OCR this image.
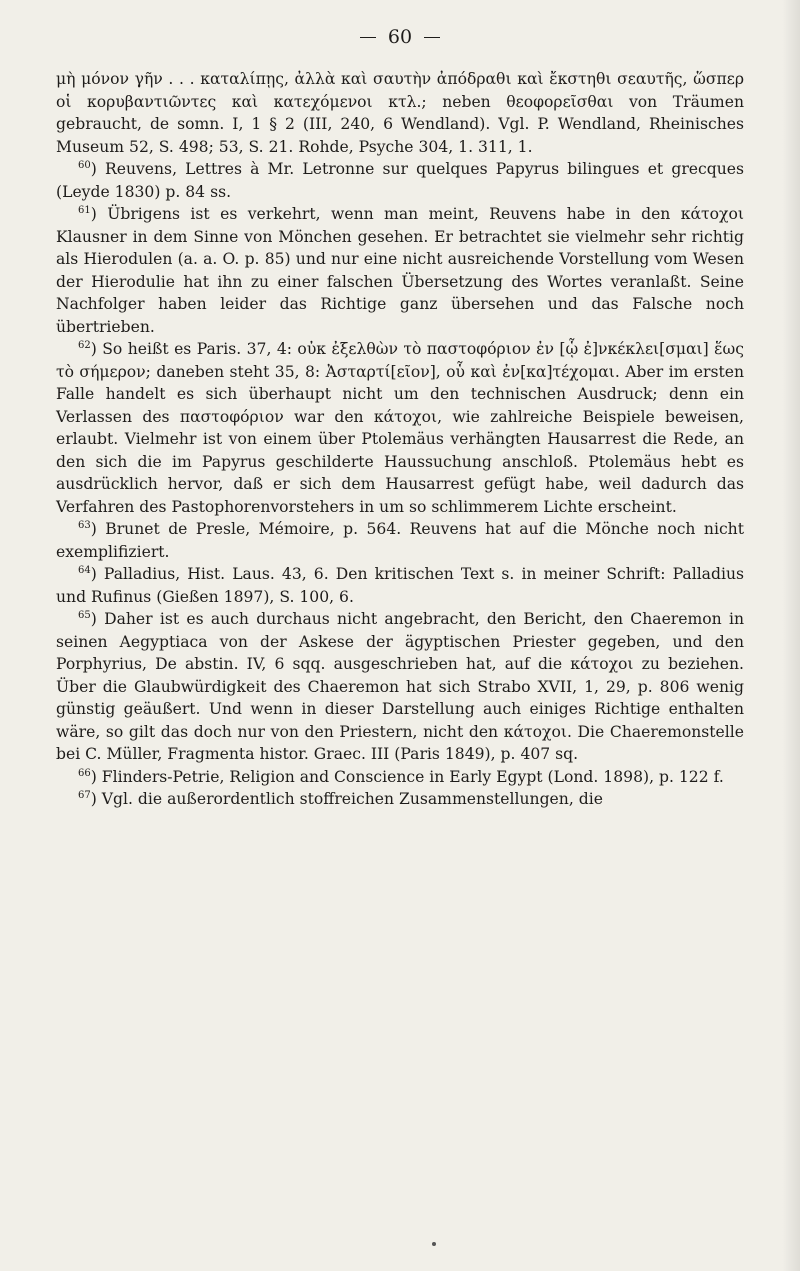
60

μὴ μόνον γῆν . . . καταλίπῃς, ἀλλὰ καὶ σαυτὴν ἀπόδραθι καὶ ἔκστηθι σεαυτῆς, ὥσπερ οἱ κορυβαντιῶντες καὶ κατεχόμενοι κτλ.; neben θεοφορεῖσθαι von Träumen gebraucht, de somn. I, 1 § 2 (III, 240, 6 Wendland). Vgl. P. Wendland, Rheinisches Museum 52, S. 498; 53, S. 21. Rohde, Psyche 304, 1. 311, 1.

$^{60}$) Reuvens, Lettres à Mr. Letronne sur quelques Papyrus bilingues et grecques (Leyde 1830) p. 84 ss.

$^{61}$) Übrigens ist es verkehrt, wenn man meint, Reuvens habe in den κάτοχοι Klausner in dem Sinne von Mönchen gesehen. Er betrachtet sie vielmehr sehr richtig als Hierodulen (a. a. O. p. 85) und nur eine nicht ausreichende Vorstellung vom Wesen der Hierodulie hat ihn zu einer falschen Übersetzung des Wortes veranlaßt. Seine Nachfolger haben leider das Richtige ganz übersehen und das Falsche noch übertrieben.

$^{62}$) So heißt es Paris. 37, 4: οὐκ ἐξελθὼν τὸ παστοφόριον ἐν [ᾧ ἐ]νκέκλει[σμαι] ἕως τὸ σήμερον; daneben steht 35, 8: Ἀσταρτί[εῖον], οὗ καὶ ἐν[κα]τέχομαι. Aber im ersten Falle handelt es sich überhaupt nicht um den technischen Ausdruck; denn ein Verlassen des παστοφόριον war den κάτοχοι, wie zahlreiche Beispiele beweisen, erlaubt. Vielmehr ist von einem über Ptolemäus verhängten Hausarrest die Rede, an den sich die im Papyrus geschilderte Haussuchung anschloß. Ptolemäus hebt es ausdrücklich hervor, daß er sich dem Hausarrest gefügt habe, weil dadurch das Verfahren des Pastophorenvorstehers in um so schlimmerem Lichte erscheint.

$^{63}$) Brunet de Presle, Mémoire, p. 564. Reuvens hat auf die Mönche noch nicht exemplifiziert.

$^{64}$) Palladius, Hist. Laus. 43, 6. Den kritischen Text s. in meiner Schrift: Palladius und Rufinus (Gießen 1897), S. 100, 6.

$^{65}$) Daher ist es auch durchaus nicht angebracht, den Bericht, den Chaeremon in seinen Aegyptiaca von der Askese der ägyptischen Priester gegeben, und den Porphyrius, De abstin. IV, 6 sqq. ausgeschrieben hat, auf die κάτοχοι zu beziehen. Über die Glaubwürdigkeit des Chaeremon hat sich Strabo XVII, 1, 29, p. 806 wenig günstig geäußert. Und wenn in dieser Darstellung auch einiges Richtige enthalten wäre, so gilt das doch nur von den Priestern, nicht den κάτοχοι. Die Chaeremonstelle bei C. Müller, Fragmenta histor. Graec. III (Paris 1849), p. 407 sq.

$^{66}$) Flinders-Petrie, Religion and Conscience in Early Egypt (Lond. 1898), p. 122 f.

$^{67}$) Vgl. die außerordentlich stoffreichen Zusammenstellungen, die
